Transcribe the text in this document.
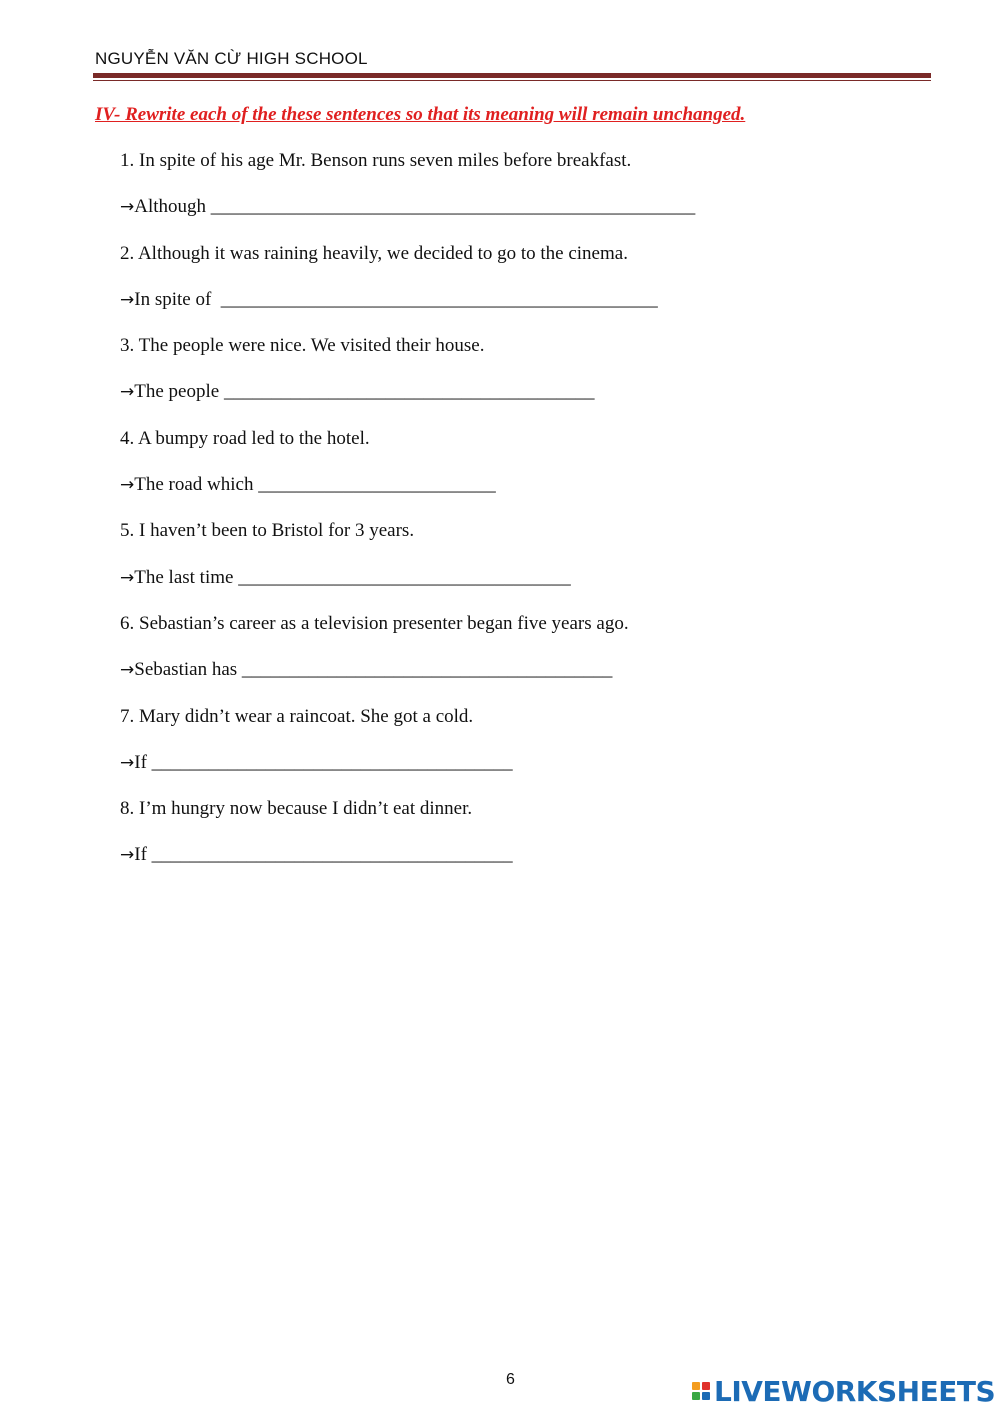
NGUYỄN VĂN CỪ HIGH SCHOOL
IV- Rewrite each of the these sentences so that its meaning will remain unchanged.
1. In spite of his age Mr. Benson runs seven miles before breakfast.
→Although ___________________________________________________
2. Although it was raining heavily, we decided to go to the cinema.
→In spite of  ______________________________________________
3. The people were nice. We visited their house.
→The people _______________________________________
4. A bumpy road led to the hotel.
→The road which _________________________
5. I haven’t been to Bristol for 3 years.
→The last time ___________________________________
6. Sebastian’s career as a television presenter began five years ago.
→Sebastian has _______________________________________
7. Mary didn’t wear a raincoat. She got a cold.
→If ______________________________________
8. I’m hungry now because I didn’t eat dinner.
→If ______________________________________
6	LIVEWORKSHEETS
